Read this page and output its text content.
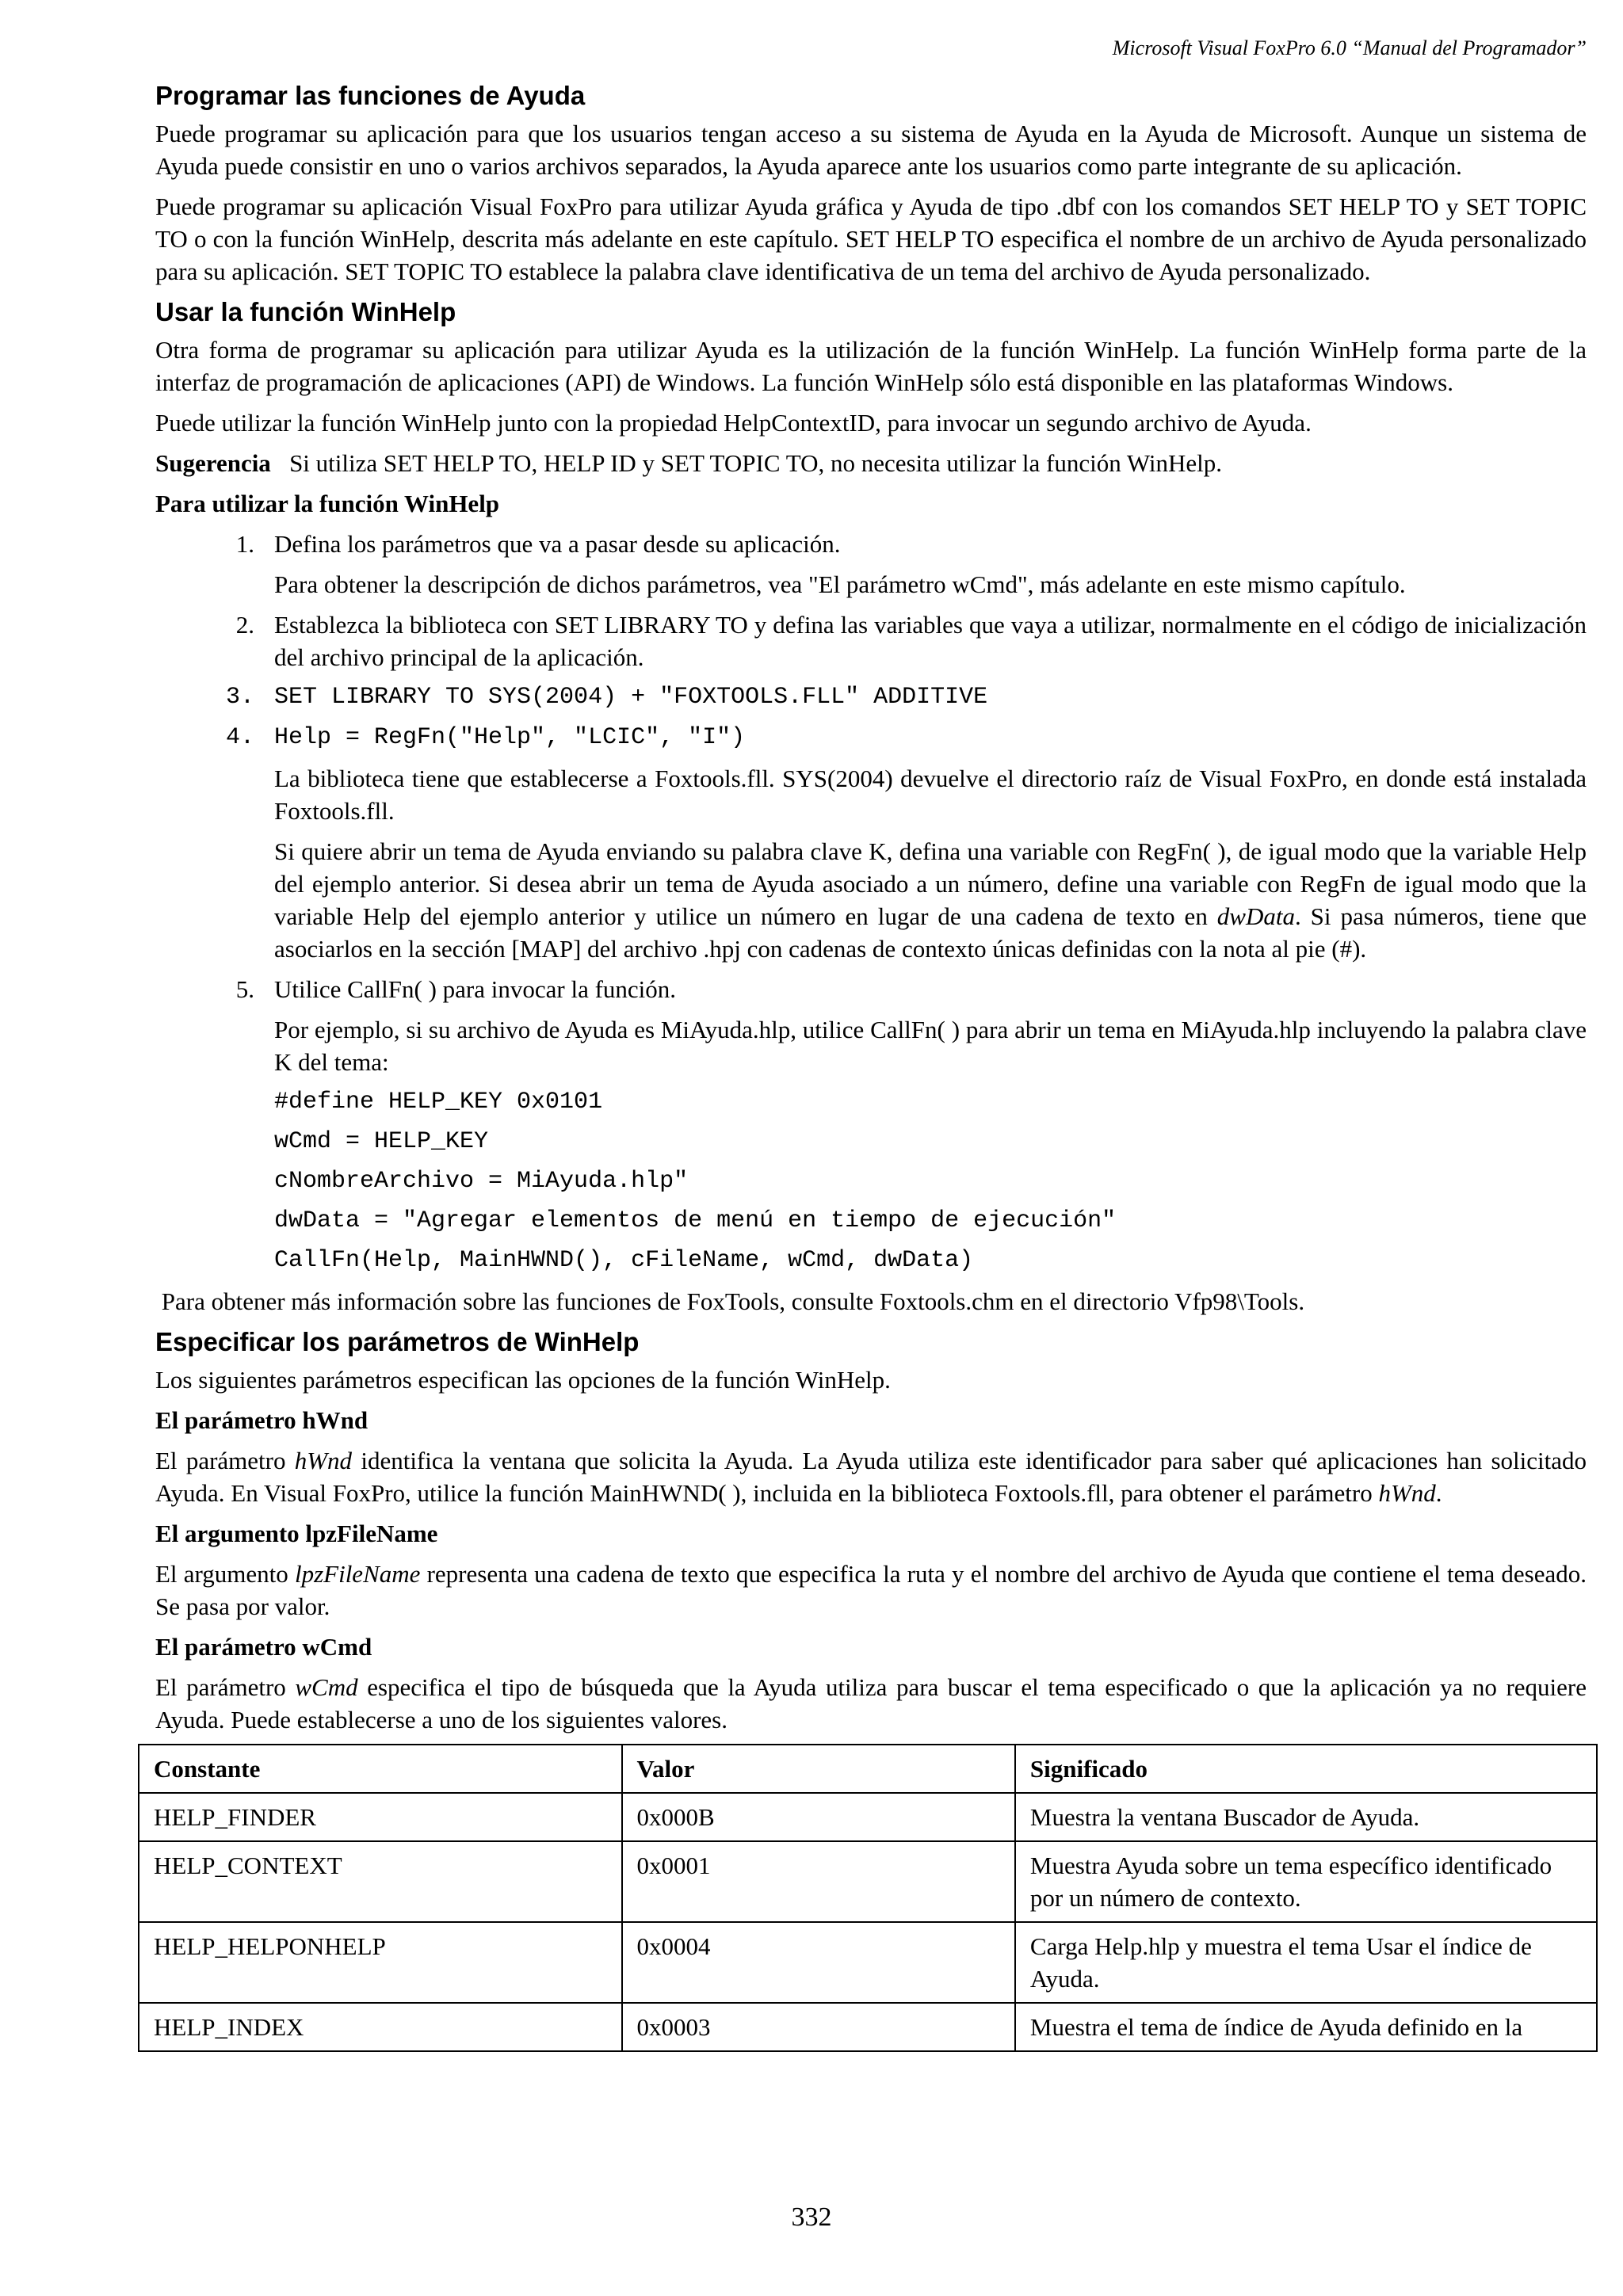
Microsoft Visual FoxPro 6.0 “Manual del Programador”
Programar las funciones de Ayuda

Puede programar su aplicación para que los usuarios tengan acceso a su sistema de Ayuda en la Ayuda de Microsoft. Aunque un sistema de Ayuda puede consistir en uno o varios archivos separados, la Ayuda aparece ante los usuarios como parte integrante de su aplicación.

Puede programar su aplicación Visual FoxPro para utilizar Ayuda gráfica y Ayuda de tipo .dbf con los comandos SET HELP TO y SET TOPIC TO o con la función WinHelp, descrita más adelante en este capítulo. SET HELP TO especifica el nombre de un archivo de Ayuda personalizado para su aplicación. SET TOPIC TO establece la palabra clave identificativa de un tema del archivo de Ayuda personalizado.

Usar la función WinHelp

Otra forma de programar su aplicación para utilizar Ayuda es la utilización de la función WinHelp. La función WinHelp forma parte de la interfaz de programación de aplicaciones (API) de Windows. La función WinHelp sólo está disponible en las plataformas Windows.

Puede utilizar la función WinHelp junto con la propiedad HelpContextID, para invocar un segundo archivo de Ayuda.

Sugerencia   Si utiliza SET HELP TO, HELP ID y SET TOPIC TO, no necesita utilizar la función WinHelp.

Para utilizar la función WinHelp

1. Defina los parámetros que va a pasar desde su aplicación.

Para obtener la descripción de dichos parámetros, vea "El parámetro wCmd", más adelante en este mismo capítulo.

2. Establezca la biblioteca con SET LIBRARY TO y defina las variables que vaya a utilizar, normalmente en el código de inicialización del archivo principal de la aplicación.
3. SET LIBRARY TO SYS(2004) + "FOXTOOLS.FLL" ADDITIVE
4. Help = RegFn("Help", "LCIC", "I")

La biblioteca tiene que establecerse a Foxtools.fll. SYS(2004) devuelve el directorio raíz de Visual FoxPro, en donde está instalada Foxtools.fll.

Si quiere abrir un tema de Ayuda enviando su palabra clave K, defina una variable con RegFn( ), de igual modo que la variable Help del ejemplo anterior. Si desea abrir un tema de Ayuda asociado a un número, define una variable con RegFn de igual modo que la variable Help del ejemplo anterior y utilice un número en lugar de una cadena de texto en dwData. Si pasa números, tiene que asociarlos en la sección [MAP] del archivo .hpj con cadenas de contexto únicas definidas con la nota al pie (#).

5. Utilice CallFn( ) para invocar la función.

Por ejemplo, si su archivo de Ayuda es MiAyuda.hlp, utilice CallFn( ) para abrir un tema en MiAyuda.hlp incluyendo la palabra clave K del tema:

#define HELP_KEY 0x0101
wCmd = HELP_KEY
cNombreArchivo = MiAyuda.hlp"
dwData = "Agregar elementos de menú en tiempo de ejecución"
CallFn(Help, MainHWND(), cFileName, wCmd, dwData)

Para obtener más información sobre las funciones de FoxTools, consulte Foxtools.chm en el directorio Vfp98\Tools.

Especificar los parámetros de WinHelp

Los siguientes parámetros especifican las opciones de la función WinHelp.

El parámetro hWnd

El parámetro hWnd identifica la ventana que solicita la Ayuda. La Ayuda utiliza este identificador para saber qué aplicaciones han solicitado Ayuda. En Visual FoxPro, utilice la función MainHWND( ), incluida en la biblioteca Foxtools.fll, para obtener el parámetro hWnd.

El argumento lpzFileName

El argumento lpzFileName representa una cadena de texto que especifica la ruta y el nombre del archivo de Ayuda que contiene el tema deseado. Se pasa por valor.

El parámetro wCmd

El parámetro wCmd especifica el tipo de búsqueda que la Ayuda utiliza para buscar el tema especificado o que la aplicación ya no requiere Ayuda. Puede establecerse a uno de los siguientes valores.

Constante	Valor	Significado
HELP_FINDER	0x000B	Muestra la ventana Buscador de Ayuda.
HELP_CONTEXT	0x0001	Muestra Ayuda sobre un tema específico identificado por un número de contexto.
HELP_HELPONHELP	0x0004	Carga Help.hlp y muestra el tema Usar el índice de Ayuda.
HELP_INDEX	0x0003	Muestra el tema de índice de Ayuda definido en la
332
